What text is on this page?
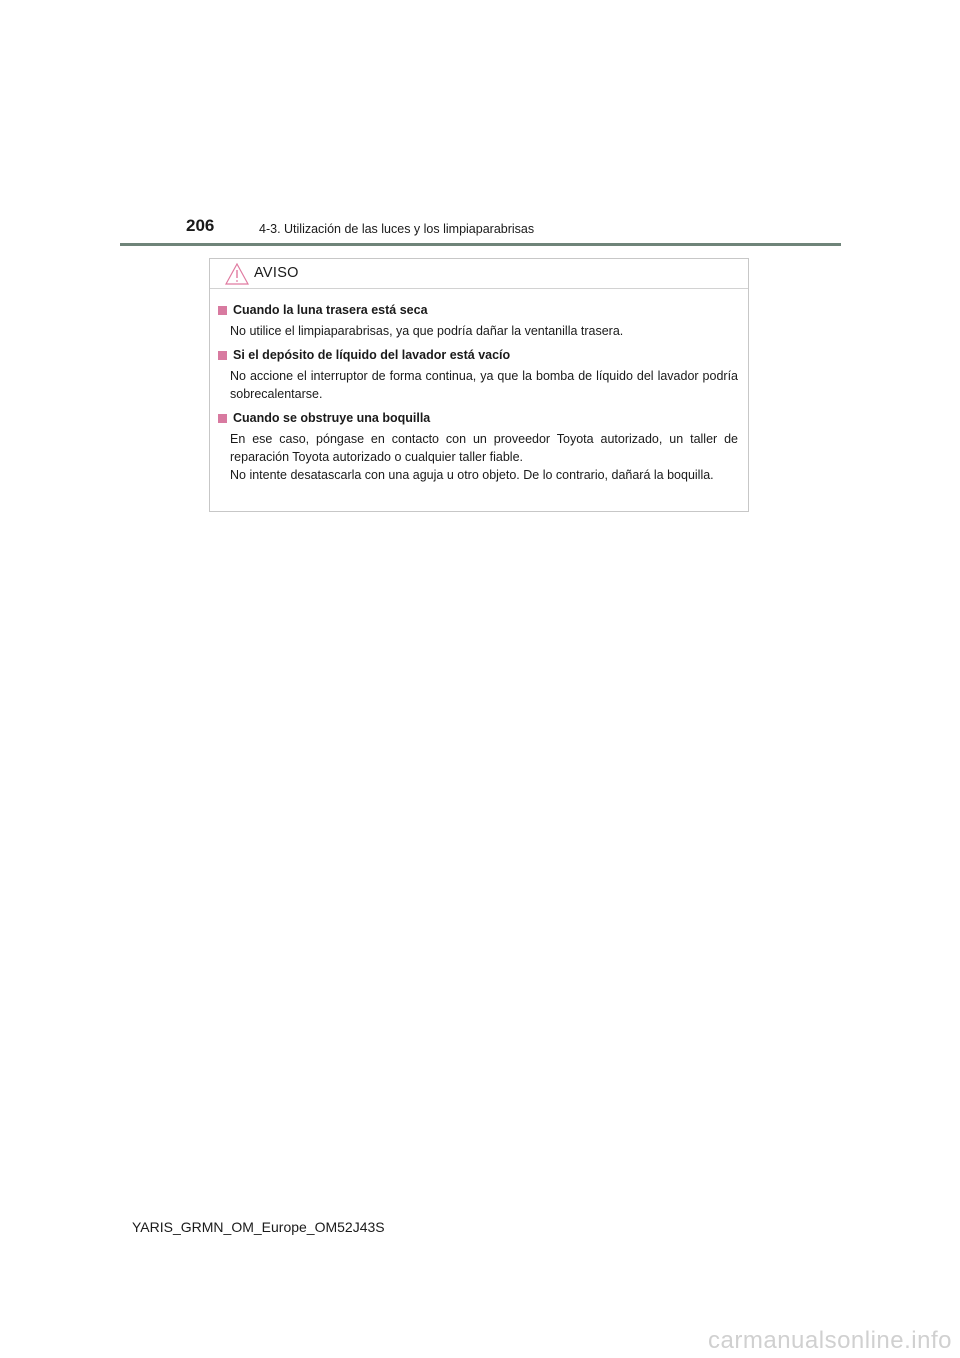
206	4-3. Utilización de las luces y los limpiaparabrisas
AVISO
Cuando la luna trasera está seca
No utilice el limpiaparabrisas, ya que podría dañar la ventanilla trasera.
Si el depósito de líquido del lavador está vacío
No accione el interruptor de forma continua, ya que la bomba de líquido del lavador podría sobrecalentarse.
Cuando se obstruye una boquilla
En ese caso, póngase en contacto con un proveedor Toyota autorizado, un taller de reparación Toyota autorizado o cualquier taller fiable.
No intente desatascarla con una aguja u otro objeto. De lo contrario, dañará la boquilla.
YARIS_GRMN_OM_Europe_OM52J43S
carmanualsonline.info
